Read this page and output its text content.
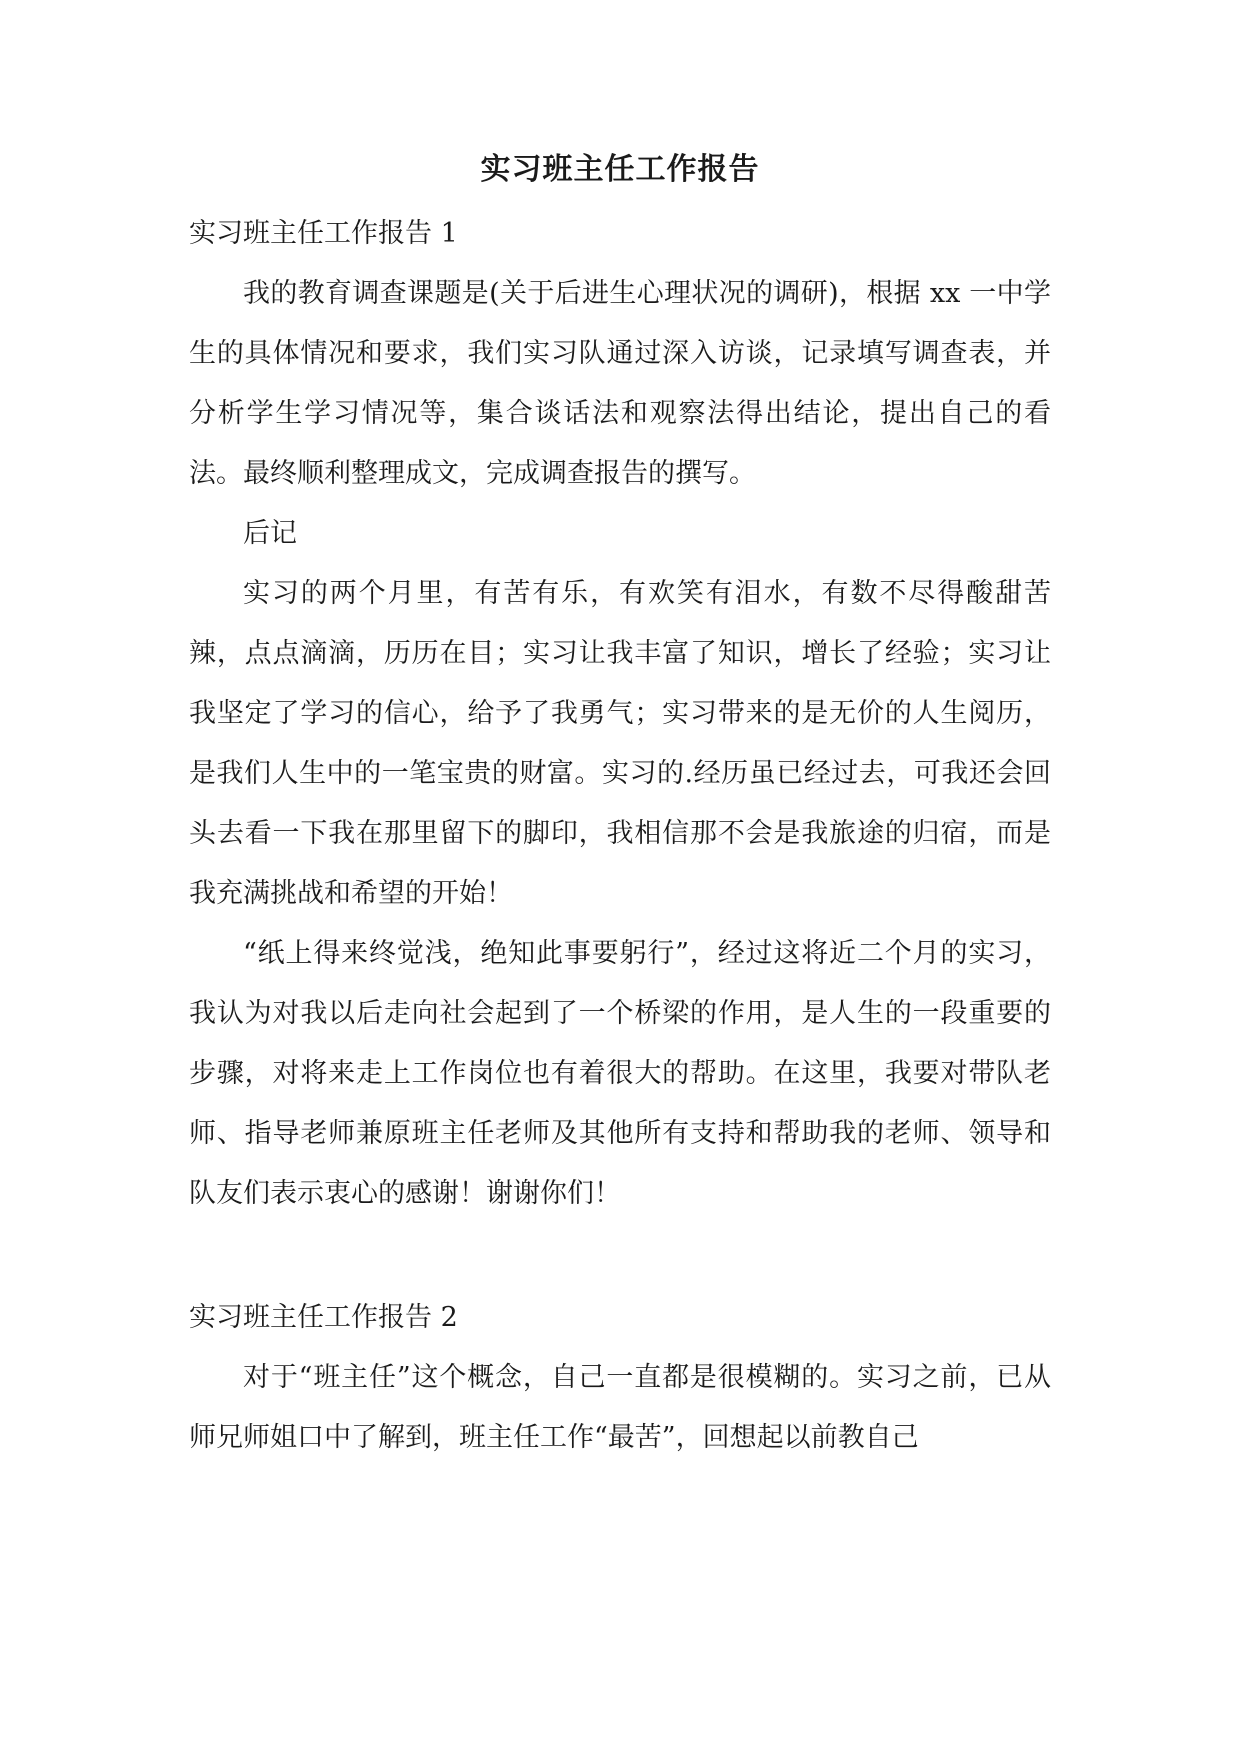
实习班主任工作报告

实习班主任工作报告 1

我的教育调查课题是(关于后进生心理状况的调研)，根据 xx 一中学生的具体情况和要求，我们实习队通过深入访谈，记录填写调查表，并分析学生学习情况等，集合谈话法和观察法得出结论，提出自己的看法。最终顺利整理成文，完成调查报告的撰写。

后记

实习的两个月里，有苦有乐，有欢笑有泪水，有数不尽得酸甜苦辣，点点滴滴，历历在目；实习让我丰富了知识，增长了经验；实习让我坚定了学习的信心，给予了我勇气；实习带来的是无价的人生阅历，是我们人生中的一笔宝贵的财富。实习的.经历虽已经过去，可我还会回头去看一下我在那里留下的脚印，我相信那不会是我旅途的归宿，而是我充满挑战和希望的开始！

“纸上得来终觉浅，绝知此事要躬行”，经过这将近二个月的实习，我认为对我以后走向社会起到了一个桥梁的作用，是人生的一段重要的步骤，对将来走上工作岗位也有着很大的帮助。在这里，我要对带队老师、指导老师兼原班主任老师及其他所有支持和帮助我的老师、领导和队友们表示衷心的感谢！谢谢你们！

实习班主任工作报告 2

对于“班主任”这个概念，自己一直都是很模糊的。实习之前，已从师兄师姐口中了解到，班主任工作“最苦”，回想起以前教自己
